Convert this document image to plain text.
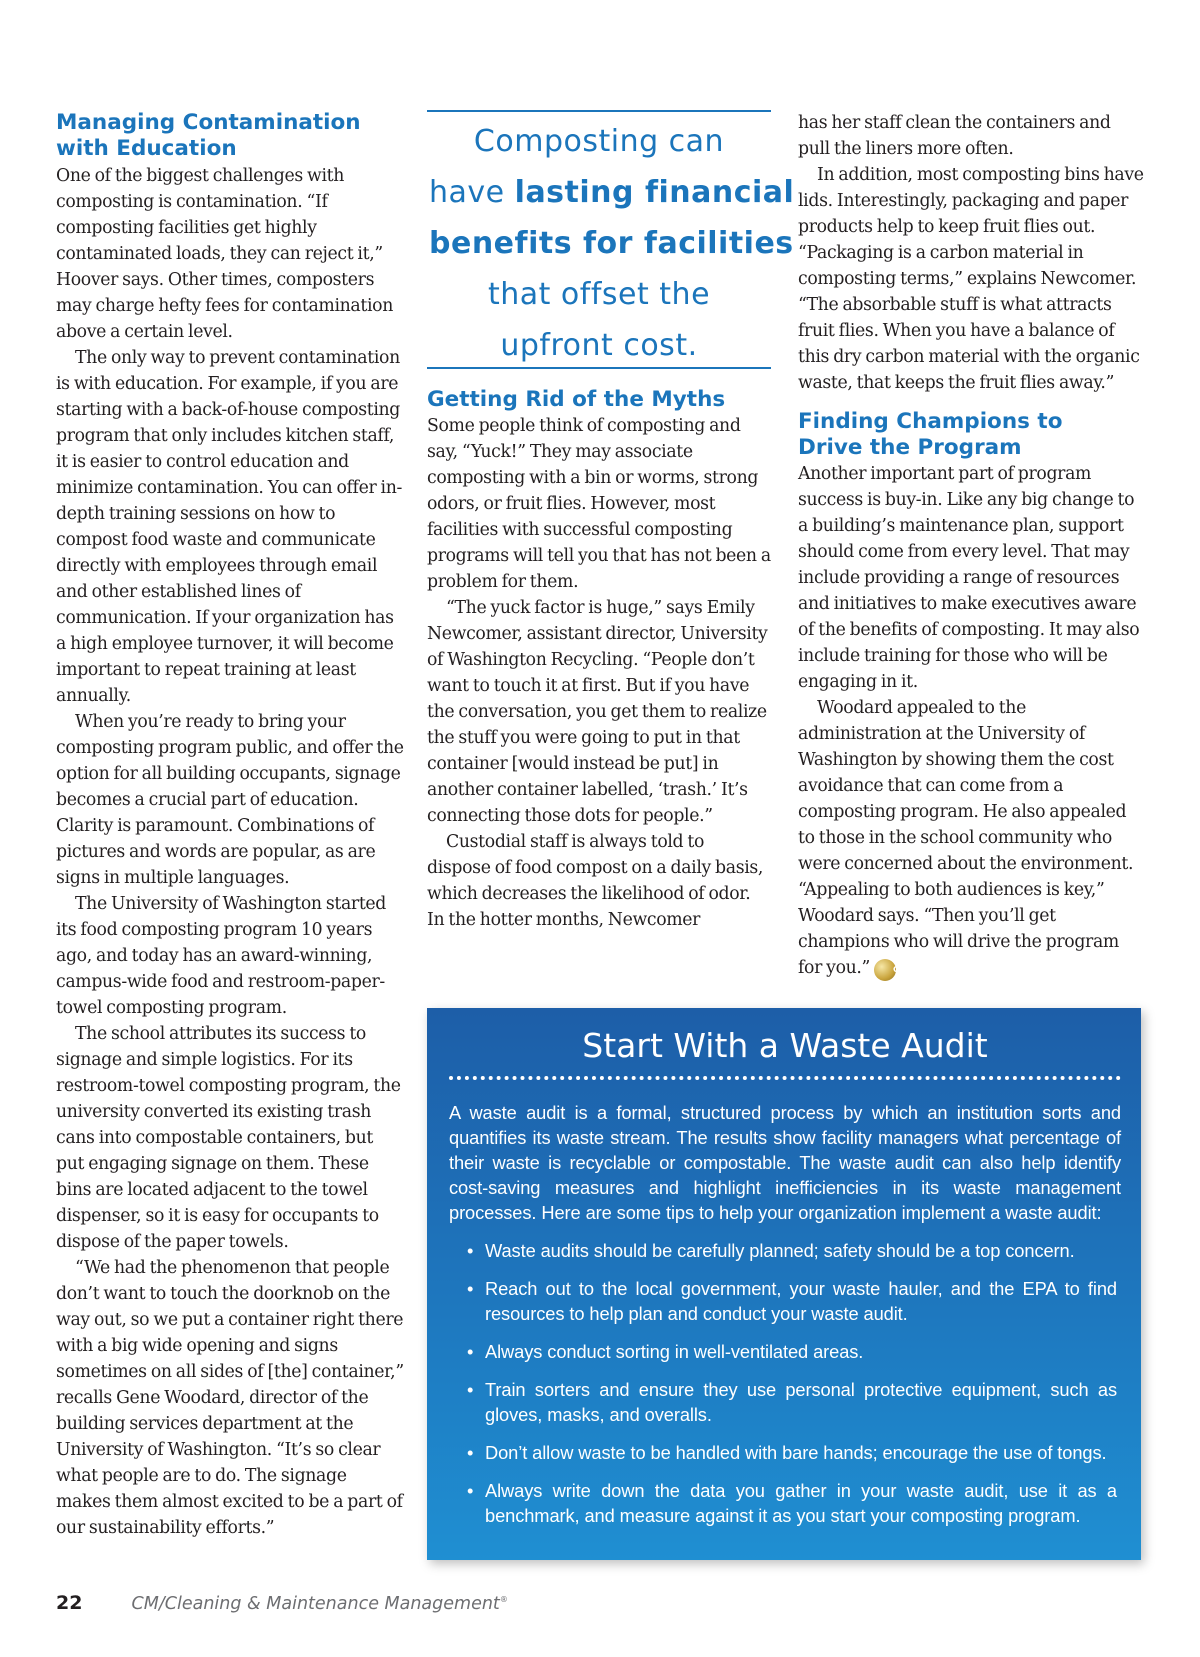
Managing Contamination
with Education

One of the biggest challenges with composting is contamination. “If composting facilities get highly contaminated loads, they can reject it,” Hoover says. Other times, composters may charge hefty fees for contamination above a certain level.

The only way to prevent contamination is with education. For example, if you are starting with a back-of-house composting program that only includes kitchen staff, it is easier to control education and minimize contamination. You can offer in-depth training sessions on how to compost food waste and communicate directly with employees through email and other established lines of communication. If your organization has a high employee turnover, it will become important to repeat training at least annually.

When you’re ready to bring your composting program public, and offer the option for all building occupants, signage becomes a crucial part of education. Clarity is paramount. Combinations of pictures and words are popular, as are signs in multiple languages.

The University of Washington started its food composting program 10 years ago, and today has an award-winning, campus-wide food and restroom-paper-towel composting program.

The school attributes its success to signage and simple logistics. For its restroom-towel composting program, the university converted its existing trash cans into compostable containers, but put engaging signage on them. These bins are located adjacent to the towel dispenser, so it is easy for occupants to dispose of the paper towels.

“We had the phenomenon that people don’t want to touch the doorknob on the way out, so we put a container right there with a big wide opening and signs sometimes on all sides of [the] container,” recalls Gene Woodard, director of the building services department at the University of Washington. “It’s so clear what people are to do. The signage makes them almost excited to be a part of our sustainability efforts.”

Composting can
have lasting financial
benefits for facilities
that offset the
upfront cost.
Getting Rid of the Myths

Some people think of composting and say, “Yuck!” They may associate composting with a bin or worms, strong odors, or fruit flies. However, most facilities with successful composting programs will tell you that has not been a problem for them.

“The yuck factor is huge,” says Emily Newcomer, assistant director, University of Washington Recycling. “People don’t want to touch it at first. But if you have the conversation, you get them to realize the stuff you were going to put in that container [would instead be put] in another container labelled, ‘trash.’ It’s connecting those dots for people.”

Custodial staff is always told to dispose of food compost on a daily basis, which decreases the likelihood of odor. In the hotter months, Newcomer

has her staff clean the containers and pull the liners more often.

In addition, most composting bins have lids. Interestingly, packaging and paper products help to keep fruit flies out. “Packaging is a carbon material in composting terms,” explains Newcomer. “The absorbable stuff is what attracts fruit flies. When you have a balance of this dry carbon material with the organic waste, that keeps the fruit flies away.”

Finding Champions to
Drive the Program

Another important part of program success is buy-in. Like any big change to a building’s maintenance plan, support should come from every level. That may include providing a range of resources and initiatives to make executives aware of the benefits of composting. It may also include training for those who will be engaging in it.

Woodard appealed to the administration at the University of Washington by showing them the cost avoidance that can come from a composting program. He also appealed to those in the school community who were concerned about the environment. “Appealing to both audiences is key,” Woodard says. “Then you’ll get champions who will drive the program for you.”	CM

Start With a Waste Audit

A waste audit is a formal, structured process by which an institution sorts and quantifies its waste stream. The results show facility managers what percentage of their waste is recyclable or compostable. The waste audit can also help identify cost-saving measures and highlight inefficiencies in its waste management processes. Here are some tips to help your organization implement a waste audit:

• Waste audits should be carefully planned; safety should be a top concern.
• Reach out to the local government, your waste hauler, and the EPA to find resources to help plan and conduct your waste audit.
• Always conduct sorting in well-ventilated areas.
• Train sorters and ensure they use personal protective equipment, such as gloves, masks, and overalls.
• Don’t allow waste to be handled with bare hands; encourage the use of tongs.
• Always write down the data you gather in your waste audit, use it as a benchmark, and measure against it as you start your composting program.
22	CM/Cleaning & Maintenance Management®
